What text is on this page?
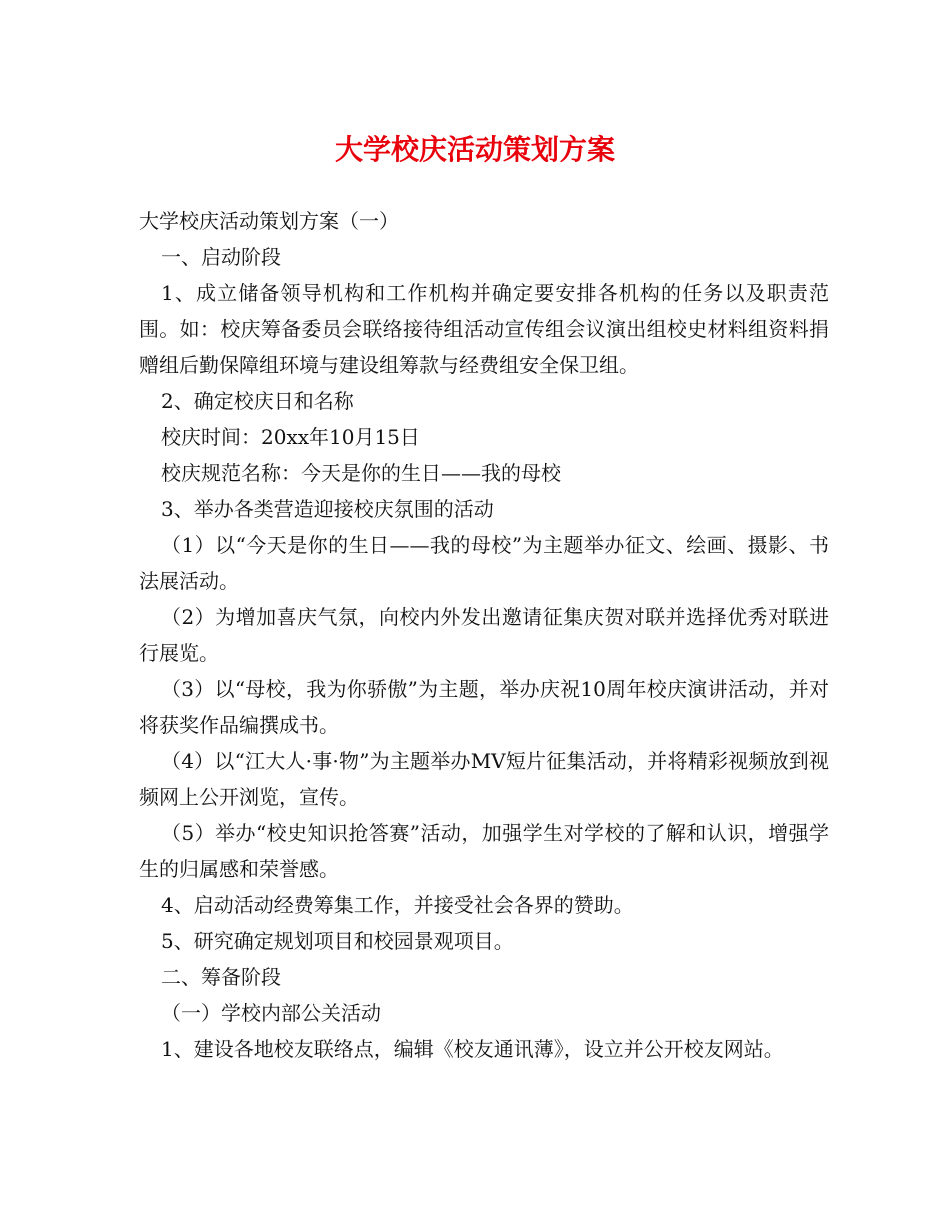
大学校庆活动策划方案

大学校庆活动策划方案（一）

一、启动阶段

1、成立储备领导机构和工作机构并确定要安排各机构的任务以及职责范围。如：校庆筹备委员会联络接待组活动宣传组会议演出组校史材料组资料捐赠组后勤保障组环境与建设组筹款与经费组安全保卫组。

2、确定校庆日和名称

校庆时间：20xx年10月15日

校庆规范名称：今天是你的生日——我的母校

3、举办各类营造迎接校庆氛围的活动

（1）以“今天是你的生日——我的母校”为主题举办征文、绘画、摄影、书法展活动。

（2）为增加喜庆气氛，向校内外发出邀请征集庆贺对联并选择优秀对联进行展览。

（3）以“母校，我为你骄傲”为主题，举办庆祝10周年校庆演讲活动，并对将获奖作品编撰成书。

（4）以“江大人·事·物”为主题举办MV短片征集活动，并将精彩视频放到视频网上公开浏览，宣传。

（5）举办“校史知识抢答赛”活动，加强学生对学校的了解和认识，增强学生的归属感和荣誉感。

4、启动活动经费筹集工作，并接受社会各界的赞助。

5、研究确定规划项目和校园景观项目。

二、筹备阶段

（一）学校内部公关活动

1、建设各地校友联络点，编辑《校友通讯薄》，设立并公开校友网站。
